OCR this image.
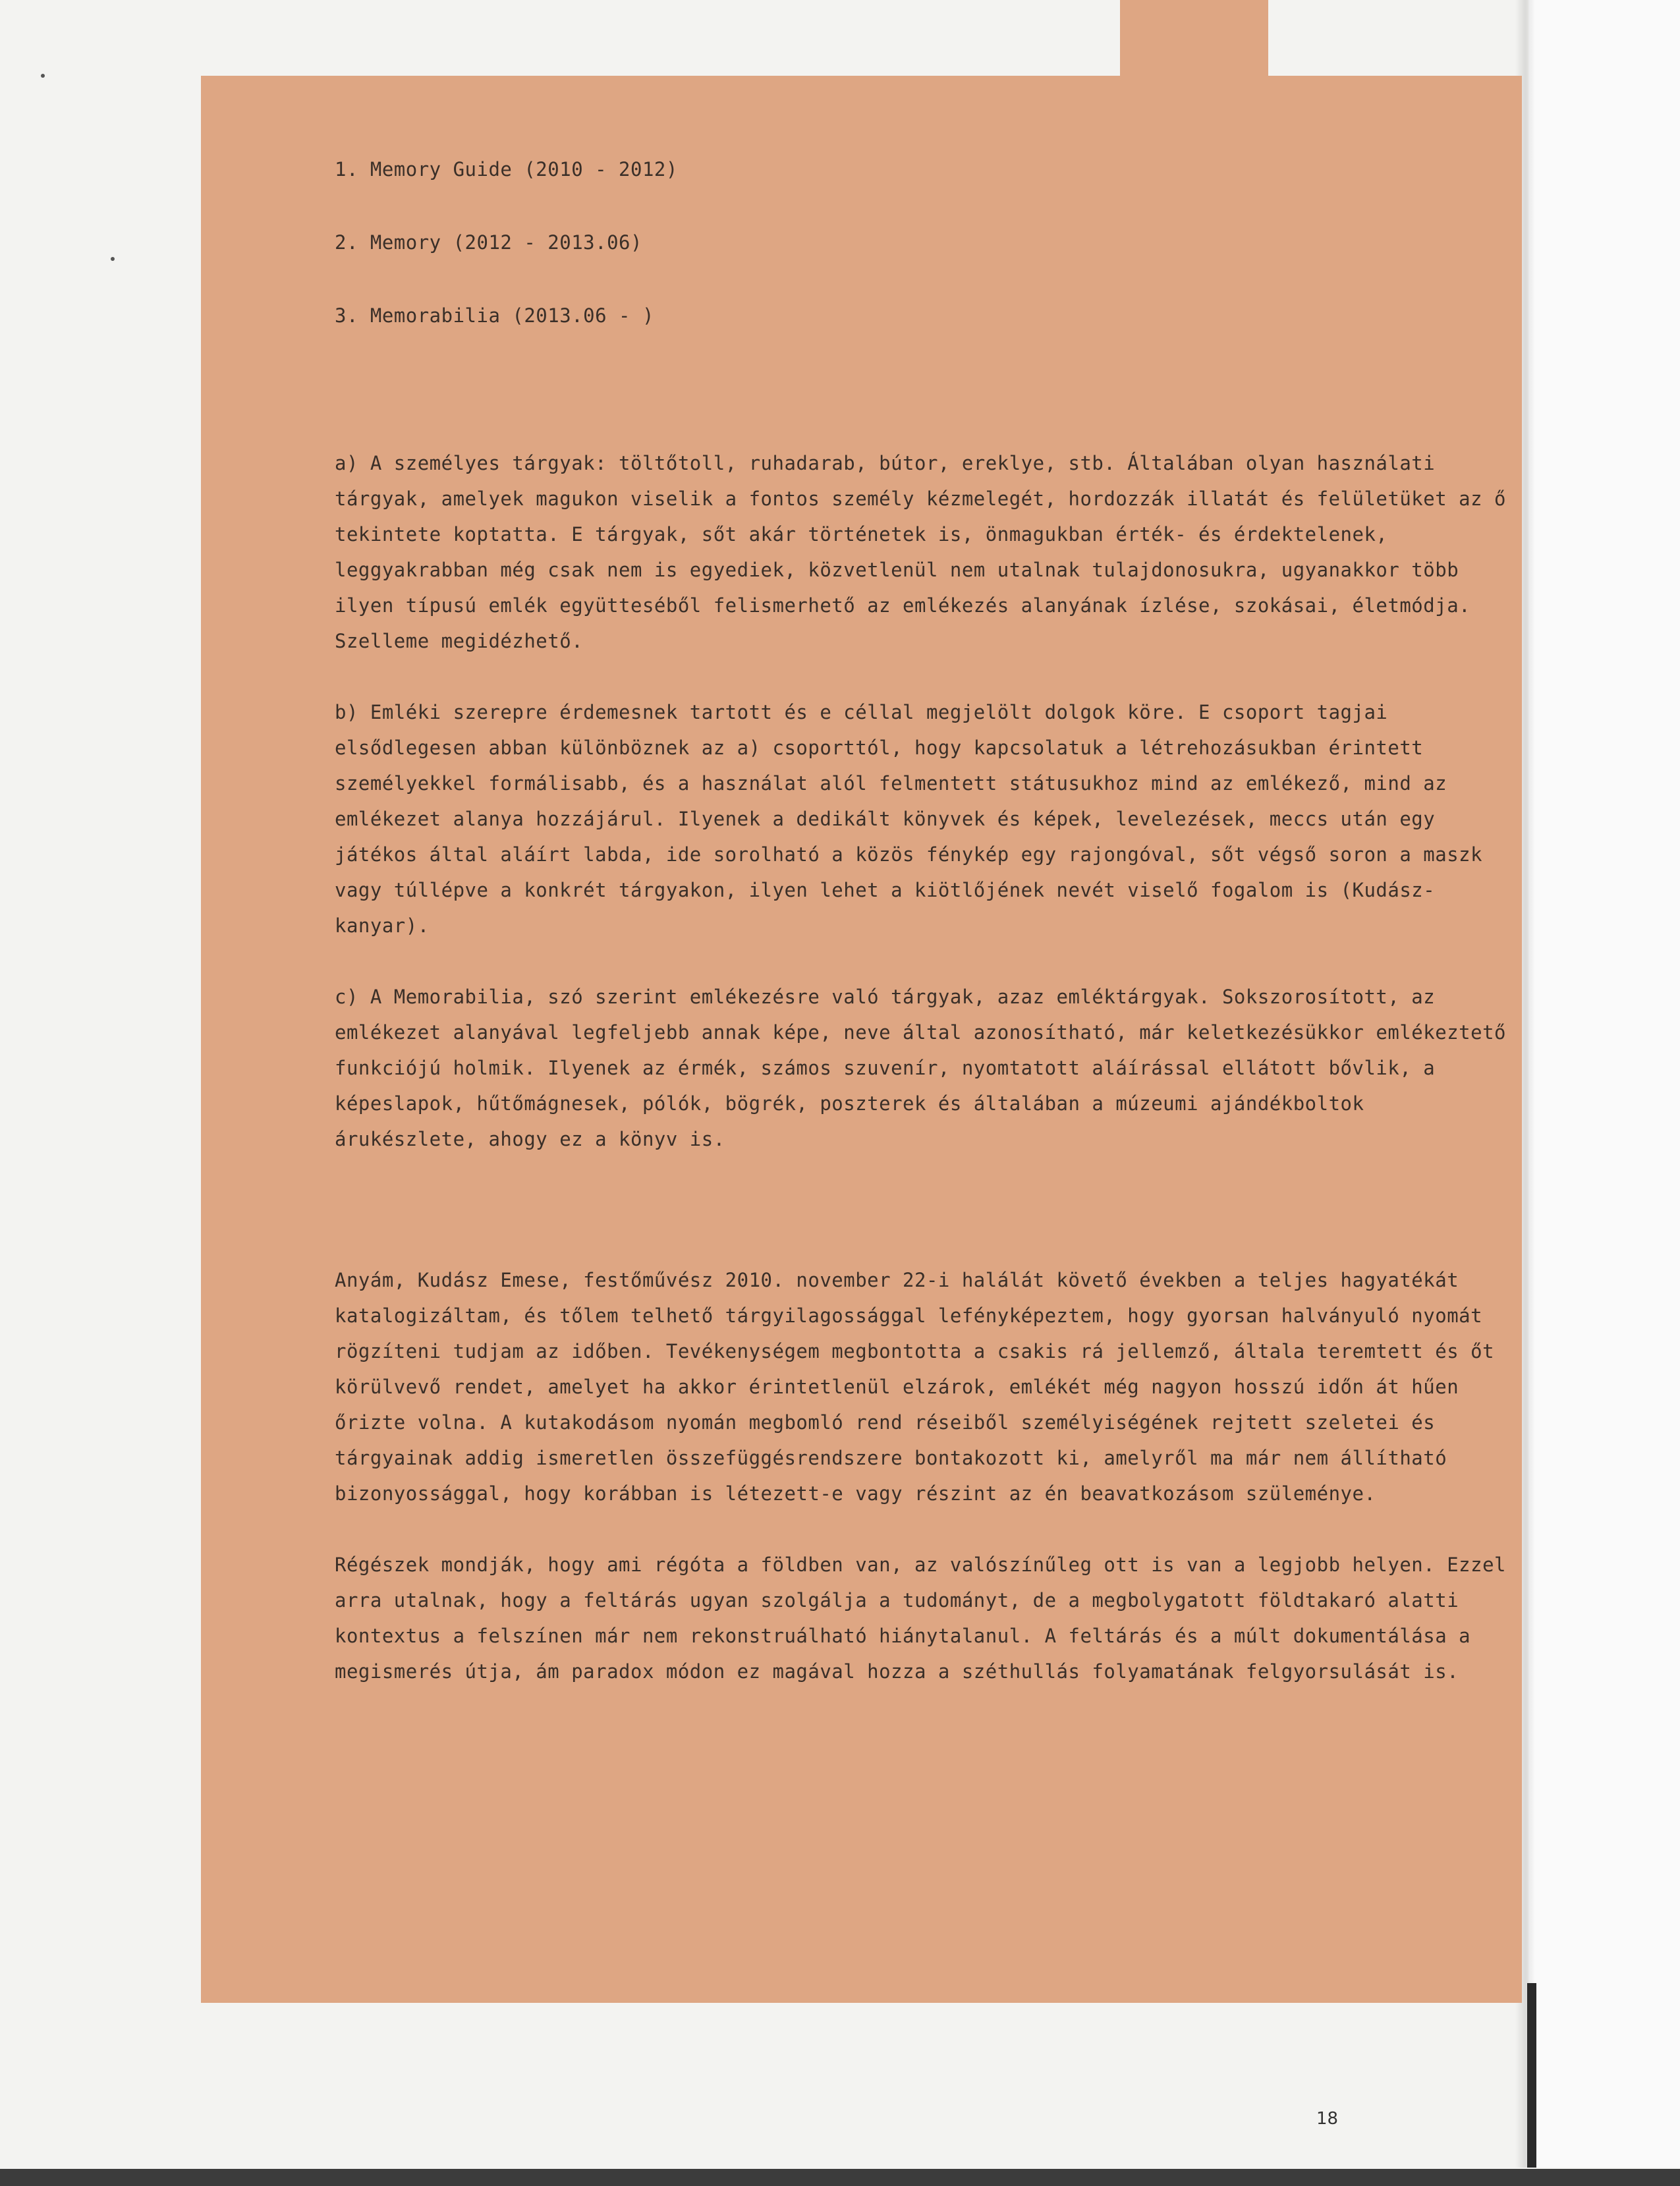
1. Memory Guide (2010 - 2012)

2. Memory (2012 - 2013.06)

3. Memorabilia (2013.06 - )

a) A személyes tárgyak: töltőtoll, ruhadarab, bútor, ereklye, stb. Általában olyan használati tárgyak, amelyek magukon viselik a fontos személy kézmelegét, hordozzák illatát és felületüket az ő tekintete koptatta. E tárgyak, sőt akár történetek is, önmagukban érték- és érdektelenek, leggyakrabban még csak nem is egyediek, közvetlenül nem utalnak tulajdonosukra, ugyanakkor több ilyen típusú emlék együtteséből felismerhető az emlékezés alanyának ízlése, szokásai, életmódja. Szelleme megidézhető.

b) Emléki szerepre érdemesnek tartott és e céllal megjelölt dolgok köre. E csoport tagjai elsődlegesen abban különböznek az a) csoporttól, hogy kapcsolatuk a létrehozásukban érintett személyekkel formálisabb, és a használat alól felmentett státusukhoz mind az emlékező, mind az emlékezet alanya hozzájárul. Ilyenek a dedikált könyvek és képek, levelezések, meccs után egy játékos által aláírt labda, ide sorolható a közös fénykép egy rajongóval, sőt végső soron a maszk vagy túllépve a konkrét tárgyakon, ilyen lehet a kiötlőjének nevét viselő fogalom is (Kudász-kanyar).

c) A Memorabilia, szó szerint emlékezésre való tárgyak, azaz emléktárgyak. Sokszorosított, az emlékezet alanyával legfeljebb annak képe, neve által azonosítható, már keletkezésükkor emlékeztető funkciójú holmik. Ilyenek az érmék, számos szuvenír, nyomtatott aláírással ellátott bővlik, a képeslapok, hűtőmágnesek, pólók, bögrék, poszterek és általában a múzeumi ajándékboltok árukészlete, ahogy ez a könyv is.

Anyám, Kudász Emese, festőművész 2010. november 22-i halálát követő években a teljes hagyatékát katalogizáltam, és tőlem telhető tárgyilagossággal lefényképeztem, hogy gyorsan halványuló nyomát rögzíteni tudjam az időben. Tevékenységem megbontotta a csakis rá jellemző, általa teremtett és őt körülvevő rendet, amelyet ha akkor érintetlenül elzárok, emlékét még nagyon hosszú időn át hűen őrizte volna. A kutakodásom nyomán megbomló rend réseiből személyiségének rejtett szeletei és tárgyainak addig ismeretlen összefüggésrendszere bontakozott ki, amelyről ma már nem állítható bizonyossággal, hogy korábban is létezett-e vagy részint az én beavatkozásom szüleménye.

Régészek mondják, hogy ami régóta a földben van, az valószínűleg ott is van a legjobb helyen. Ezzel arra utalnak, hogy a feltárás ugyan szolgálja a tudományt, de a megbolygatott földtakaró alatti kontextus a felszínen már nem rekonstruálható hiánytalanul. A feltárás és a múlt dokumentálása a megismerés útja, ám paradox módon ez magával hozza a széthullás folyamatának felgyorsulását is.

18
